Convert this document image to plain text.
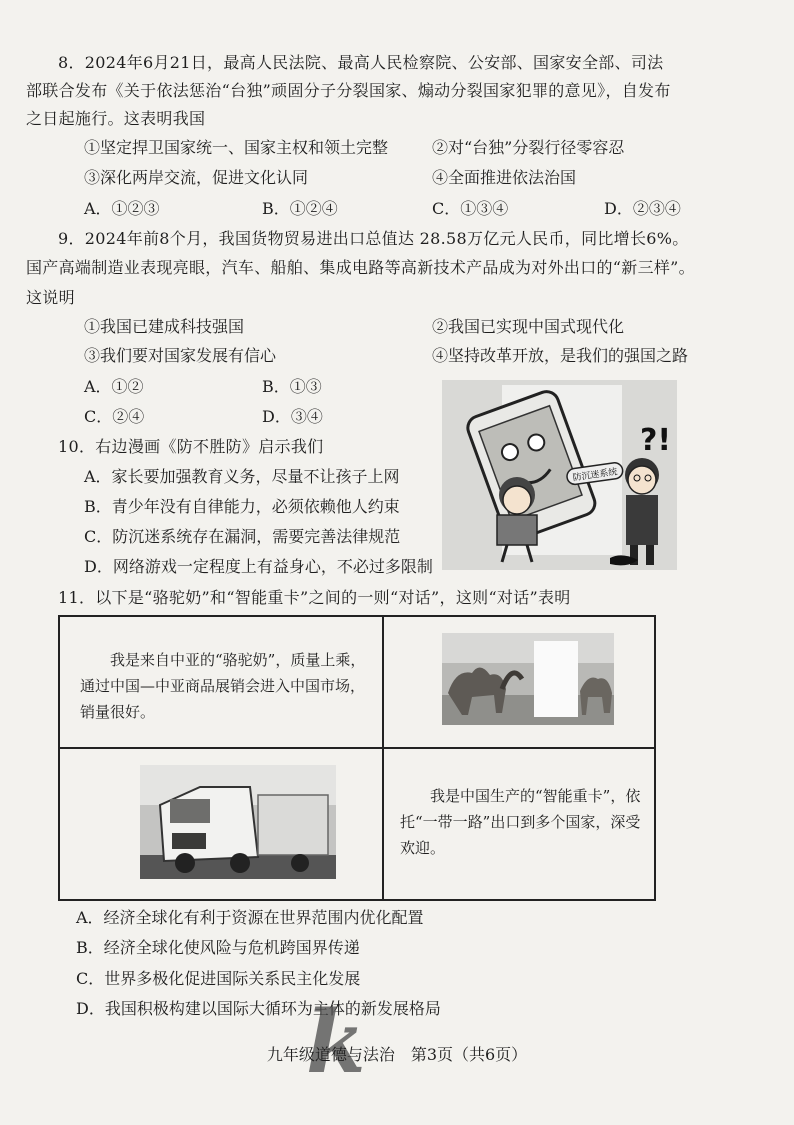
8．2024年6月21日，最高人民法院、最高人民检察院、公安部、国家安全部、司法
部联合发布《关于依法惩治“台独”顽固分子分裂国家、煽动分裂国家犯罪的意见》，自发布
之日起施行。这表明我国
①坚定捍卫国家统一、国家主权和领土完整	②对“台独”分裂行径零容忍
③深化两岸交流，促进文化认同	④全面推进依法治国
A．①②③	B．①②④	C．①③④	D．②③④
9．2024年前8个月，我国货物贸易进出口总值达 28.58万亿元人民币，同比增长6%。
国产高端制造业表现亮眼，汽车、船舶、集成电路等高新技术产品成为对外出口的“新三样”。
这说明
①我国已建成科技强国	②我国已实现中国式现代化
③我们要对国家发展有信心	④坚持改革开放，是我们的强国之路
A．①②	B．①③
C．②④	D．③④
10．右边漫画《防不胜防》启示我们
A．家长要加强教育义务，尽量不让孩子上网
B．青少年没有自律能力，必须依赖他人约束
C．防沉迷系统存在漏洞，需要完善法律规范
D．网络游戏一定程度上有益身心，不必过多限制
防沉迷系统
?!
11．以下是“骆驼奶”和“智能重卡”之间的一则“对话”，这则“对话”表明
我是来自中亚的“骆驼奶”，质量上乘，通过中国—中亚商品展销会进入中国市场，销量很好。
我是中国生产的“智能重卡”，依托“一带一路”出口到多个国家，深受欢迎。
A．经济全球化有利于资源在世界范围内优化配置
B．经济全球化使风险与危机跨国界传递
C．世界多极化促进国际关系民主化发展
D．我国积极构建以国际大循环为主体的新发展格局
k
九年级道德与法治　第3页（共6页）
